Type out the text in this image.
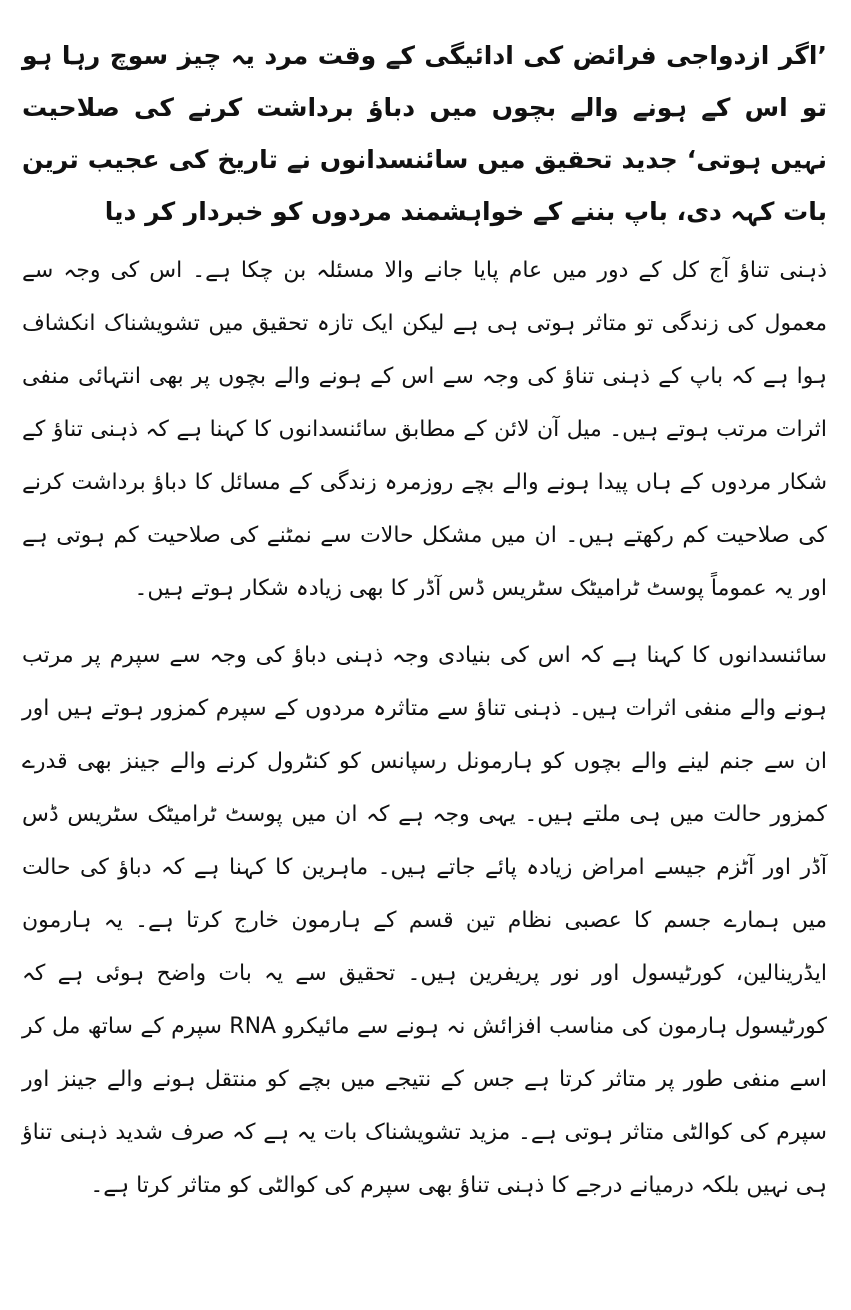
’اگر ازدواجی فرائض کی ادائیگی کے وقت مرد یہ چیز سوچ رہا ہو تو اس کے ہونے والے بچوں میں دباؤ برداشت کرنے کی صلاحیت نہیں ہوتی‘ جدید تحقیق میں سائنسدانوں نے تاریخ کی عجیب ترین بات کہہ دی، باپ بننے کے خواہشمند مردوں کو خبردار کر دیا

ذہنی تناؤ آج کل کے دور میں عام پایا جانے والا مسئلہ بن چکا ہے۔ اس کی وجہ سے معمول کی زندگی تو متاثر ہوتی ہی ہے لیکن ایک تازہ تحقیق میں تشویشناک انکشاف ہوا ہے کہ باپ کے ذہنی تناؤ کی وجہ سے اس کے ہونے والے بچوں پر بھی انتہائی منفی اثرات مرتب ہوتے ہیں۔ میل آن لائن کے مطابق سائنسدانوں کا کہنا ہے کہ ذہنی تناؤ کے شکار مردوں کے ہاں پیدا ہونے والے بچے روزمرہ زندگی کے مسائل کا دباؤ برداشت کرنے کی صلاحیت کم رکھتے ہیں۔ ان میں مشکل حالات سے نمٹنے کی صلاحیت کم ہوتی ہے اور یہ عموماً پوسٹ ٹرامیٹک سٹریس ڈس آڈر کا بھی زیادہ شکار ہوتے ہیں۔

سائنسدانوں کا کہنا ہے کہ اس کی بنیادی وجہ ذہنی دباؤ کی وجہ سے سپرم پر مرتب ہونے والے منفی اثرات ہیں۔ ذہنی تناؤ سے متاثرہ مردوں کے سپرم کمزور ہوتے ہیں اور ان سے جنم لینے والے بچوں کو ہارمونل رسپانس کو کنٹرول کرنے والے جینز بھی قدرے کمزور حالت میں ہی ملتے ہیں۔ یہی وجہ ہے کہ ان میں پوسٹ ٹرامیٹک سٹریس ڈس آڈر اور آٹزم جیسے امراض زیادہ پائے جاتے ہیں۔ ماہرین کا کہنا ہے کہ دباؤ کی حالت میں ہمارے جسم کا عصبی نظام تین قسم کے ہارمون خارج کرتا ہے۔ یہ ہارمون ایڈرینالین، کورٹیسول اور نور پریفرین ہیں۔ تحقیق سے یہ بات واضح ہوئی ہے کہ کورٹیسول ہارمون کی مناسب افزائش نہ ہونے سے مائیکرو RNA سپرم کے ساتھ مل کر اسے منفی طور پر متاثر کرتا ہے جس کے نتیجے میں بچے کو منتقل ہونے والے جینز اور سپرم کی کوالٹی متاثر ہوتی ہے۔ مزید تشویشناک بات یہ ہے کہ صرف شدید ذہنی تناؤ ہی نہیں بلکہ درمیانے درجے کا ذہنی تناؤ بھی سپرم کی کوالٹی کو متاثر کرتا ہے۔
